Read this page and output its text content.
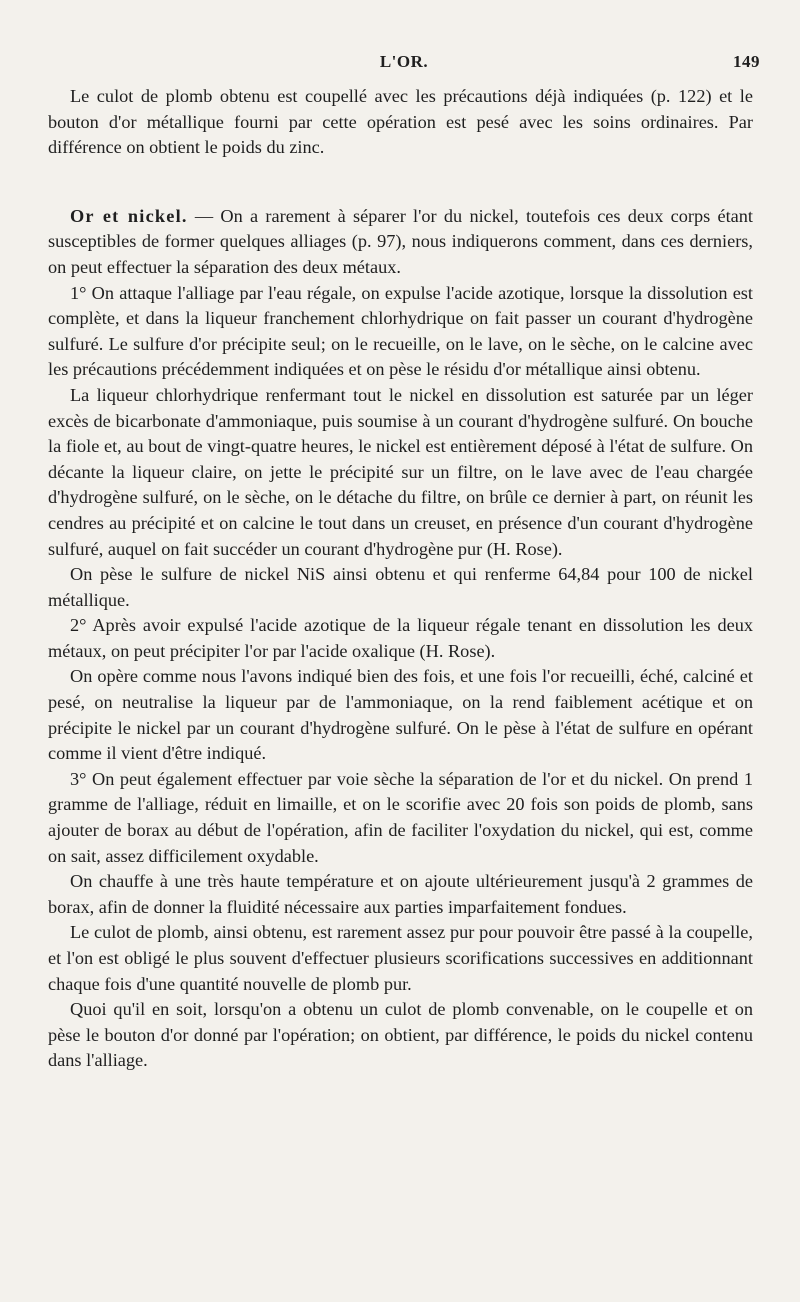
L'OR.	149

Le culot de plomb obtenu est coupellé avec les précautions déjà indiquées (p. 122) et le bouton d'or métallique fourni par cette opération est pesé avec les soins ordinaires. Par différence on obtient le poids du zinc.

Or et nickel. — On a rarement à séparer l'or du nickel, toutefois ces deux corps étant susceptibles de former quelques alliages (p. 97), nous indiquerons comment, dans ces derniers, on peut effectuer la séparation des deux métaux.

1° On attaque l'alliage par l'eau régale, on expulse l'acide azotique, lorsque la dissolution est complète, et dans la liqueur franchement chlorhydrique on fait passer un courant d'hydrogène sulfuré. Le sulfure d'or précipite seul; on le recueille, on le lave, on le sèche, on le calcine avec les précautions précédemment indiquées et on pèse le résidu d'or métallique ainsi obtenu.

La liqueur chlorhydrique renfermant tout le nickel en dissolution est saturée par un léger excès de bicarbonate d'ammoniaque, puis soumise à un courant d'hydrogène sulfuré. On bouche la fiole et, au bout de vingt-quatre heures, le nickel est entièrement déposé à l'état de sulfure. On décante la liqueur claire, on jette le précipité sur un filtre, on le lave avec de l'eau chargée d'hydrogène sulfuré, on le sèche, on le détache du filtre, on brûle ce dernier à part, on réunit les cendres au précipité et on calcine le tout dans un creuset, en présence d'un courant d'hydrogène sulfuré, auquel on fait succéder un courant d'hydrogène pur (H. Rose).

On pèse le sulfure de nickel NiS ainsi obtenu et qui renferme 64,84 pour 100 de nickel métallique.

2° Après avoir expulsé l'acide azotique de la liqueur régale tenant en dissolution les deux métaux, on peut précipiter l'or par l'acide oxalique (H. Rose).

On opère comme nous l'avons indiqué bien des fois, et une fois l'or recueilli, éché, calciné et pesé, on neutralise la liqueur par de l'ammoniaque, on la rend faiblement acétique et on précipite le nickel par un courant d'hydrogène sulfuré. On le pèse à l'état de sulfure en opérant comme il vient d'être indiqué.

3° On peut également effectuer par voie sèche la séparation de l'or et du nickel. On prend 1 gramme de l'alliage, réduit en limaille, et on le scorifie avec 20 fois son poids de plomb, sans ajouter de borax au début de l'opération, afin de faciliter l'oxydation du nickel, qui est, comme on sait, assez difficilement oxydable.

On chauffe à une très haute température et on ajoute ultérieurement jusqu'à 2 grammes de borax, afin de donner la fluidité nécessaire aux parties imparfaitement fondues.

Le culot de plomb, ainsi obtenu, est rarement assez pur pour pouvoir être passé à la coupelle, et l'on est obligé le plus souvent d'effectuer plusieurs scorifications successives en additionnant chaque fois d'une quantité nouvelle de plomb pur.

Quoi qu'il en soit, lorsqu'on a obtenu un culot de plomb convenable, on le coupelle et on pèse le bouton d'or donné par l'opération; on obtient, par différence, le poids du nickel contenu dans l'alliage.
